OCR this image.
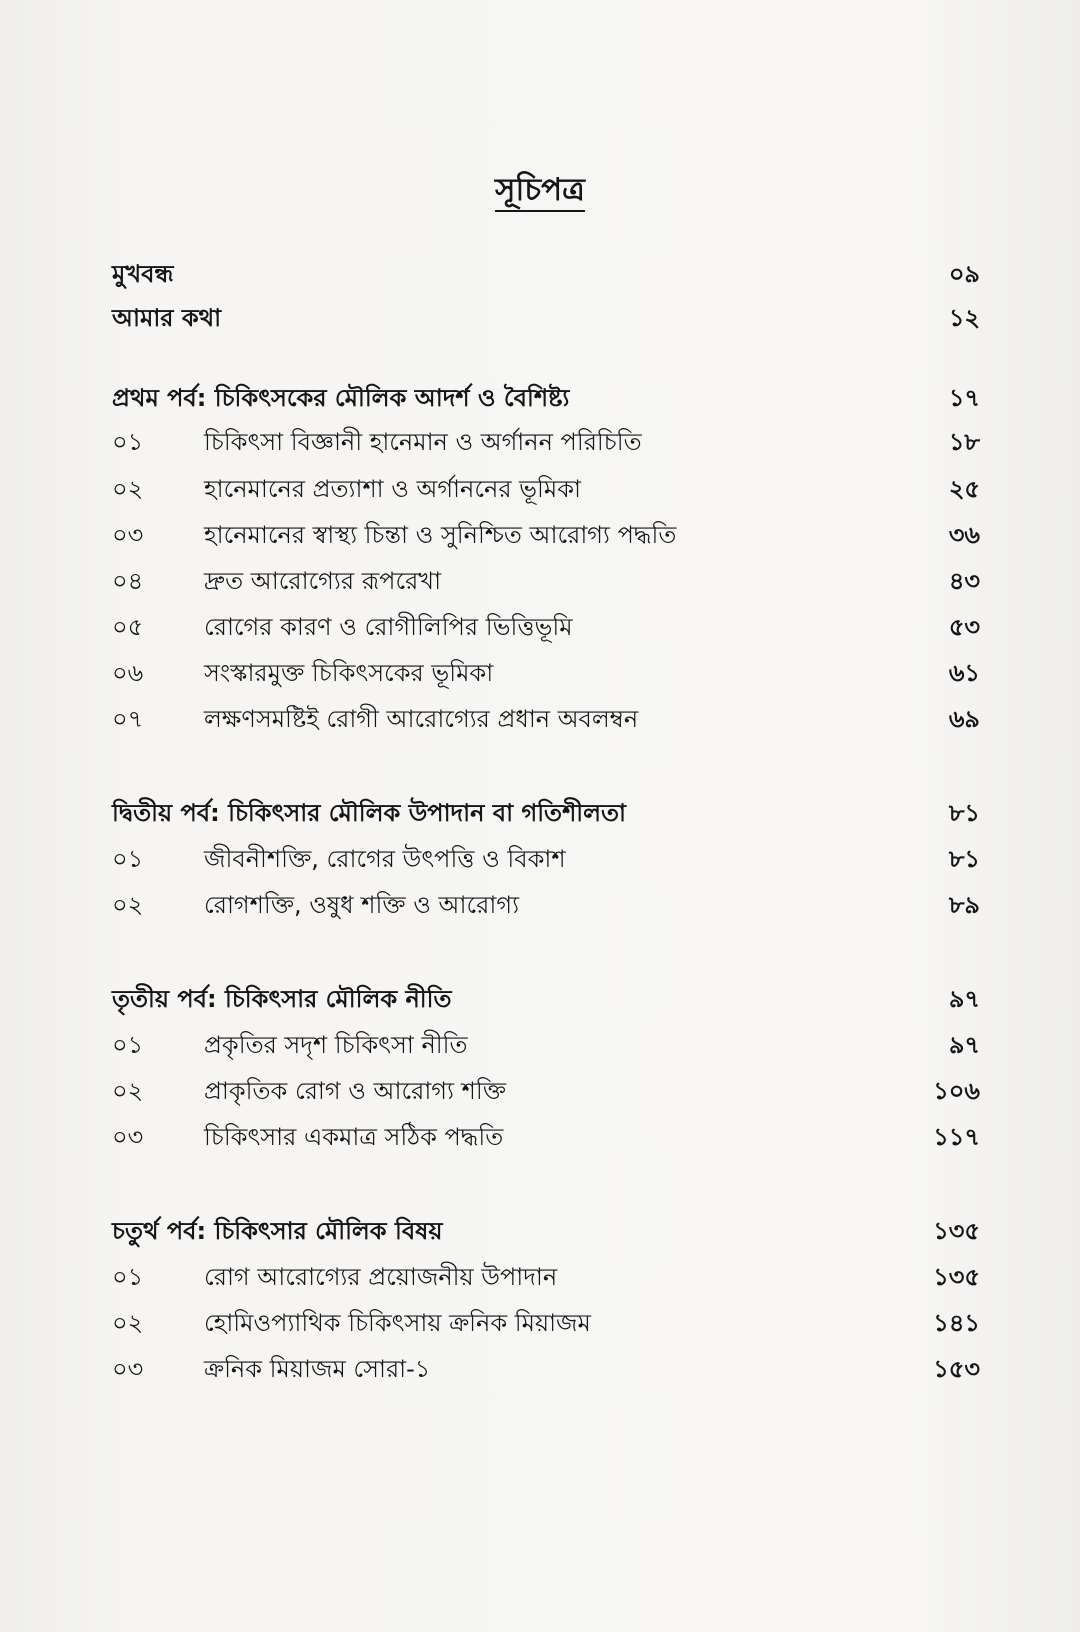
সূচিপত্র
মুখবন্ধ	০৯
আমার কথা	১২
প্রথম পর্ব: চিকিৎসকের মৌলিক আদর্শ ও বৈশিষ্ট্য	১৭
০১	চিকিৎসা বিজ্ঞানী হানেমান ও অর্গানন পরিচিতি	১৮
০২	হানেমানের প্রত্যাশা ও অর্গাননের ভূমিকা	২৫
০৩	হানেমানের স্বাস্থ্য চিন্তা ও সুনিশ্চিত আরোগ্য পদ্ধতি	৩৬
০৪	দ্রুত আরোগ্যের রূপরেখা	৪৩
০৫	রোগের কারণ ও রোগীলিপির ভিত্তিভূমি	৫৩
০৬	সংস্কারমুক্ত চিকিৎসকের ভূমিকা	৬১
০৭	লক্ষণসমষ্টিই রোগী আরোগ্যের প্রধান অবলম্বন	৬৯
দ্বিতীয় পর্ব: চিকিৎসার মৌলিক উপাদান বা গতিশীলতা	৮১
০১	জীবনীশক্তি, রোগের উৎপত্তি ও বিকাশ	৮১
০২	রোগশক্তি, ওষুধ শক্তি ও আরোগ্য	৮৯
তৃতীয় পর্ব: চিকিৎসার মৌলিক নীতি	৯৭
০১	প্রকৃতির সদৃশ চিকিৎসা নীতি	৯৭
০২	প্রাকৃতিক রোগ ও আরোগ্য শক্তি	১০৬
০৩	চিকিৎসার একমাত্র সঠিক পদ্ধতি	১১৭
চতুর্থ পর্ব: চিকিৎসার মৌলিক বিষয়	১৩৫
০১	রোগ আরোগ্যের প্রয়োজনীয় উপাদান	১৩৫
০২	হোমিওপ্যাথিক চিকিৎসায় ক্রনিক মিয়াজম	১৪১
০৩	ক্রনিক মিয়াজম সোরা-১	১৫৩
